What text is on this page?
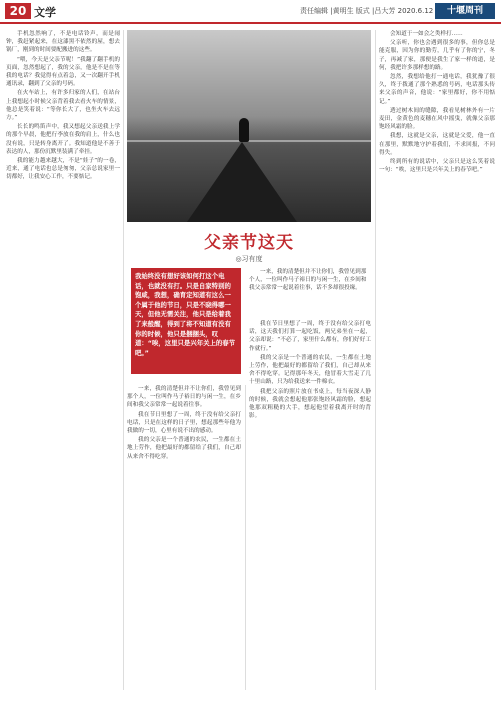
20 文学	责任编辑 |黄明生 版式 |吕大芳 2020.6.12	十堰周刊

手机忽然响了，不是电话铃声，而是闹钟，我赶紧起来，在这漆黑不依然的屋，想去锅厂，刚到的时间要配搬进的这些。

“喂，今天是父亲节呢！”我翻了翻手机的页面，忽然想起了，我的父亲，他是不是在等我的电话？我觉得有点着急，又一次翻开手机通讯录，翻到了父亲的号码。

在火车站上，有许多归家的人们，在站台上我想起小时候父亲背着我去看火车的情景，他总是笑着说：“等你长大了，也坐火车去远方。”

长长的鸣笛声中，我又想起父亲送我上学的那个早晨，他把行李放在我的肩上，什么也没有说，只是转身离开了。我知道他是不善于表达的人，那份沉默里装满了牵挂。

我的能力越来越大，不是“娃子”的一卷，近来，通了电话也总是匆匆，父亲总说家里一切都好，让我安心工作，不要惦记。

父亲节这天
◎习有度
我始终没有想好该如何打这个电话，也就没有打。只是自家特别的饱咸，我想，确育定知道有这么一个属于他的节日，只是不晓得哪一天，但他无需关注，他只是给着我了来般醒，得到了将不知道有没有你的时候，他只是捆捆头，叹道：“唉，这里只是兴年关上的春节吧。”

一来，我的清楚但并不让你们，我曾见到那个人，一位叫作马子裕日的与闲一生，在乡间和我父亲常常一起说着往事，话不多却很投缘。

一来，我的清楚但并不让你们，我曾见到那个人，一位叫作马子裕日的与闲一生，在乡间和我父亲常常一起说着往事。

我在节日里想了一周，终于没有给父亲打电话，只是在这样的日子里，想起那些年他为我做的一切，心里有说不出的感动。

我的父亲是一个普通的农民，一生都在土地上劳作，他把最好的都留给了我们，自己却从来舍不得吃穿。

我在节日里想了一周，终于没有给父亲打电话，这天我们打算一起吃饭，两兄弟坐在一起，父亲却说：“不必了，家里什么都有，你们好好工作就行。”

我的父亲是一个普通的农民，一生都在土地上劳作，他把最好的都留给了我们，自己却从来舍不得吃穿。记得那年冬天，他冒着大雪走了几十里山路，只为给我送来一件棉衣。

我把父亲的照片放在书桌上，每当夜深人静的时候，我就会想起他那张饱经风霜的脸，想起他那双粗糙的大手，想起他望着我离开时的背影。

会知道于一如会之类样打……

父亲听，你也会遇到很多的事，但你总是能克服，因为你的勤劳，几乎有了你的宁，冬子，再减了家，那便是我生了家一样的道，是何，我把许多那样想的路。

忽然，我想给他打一通电话，我犹豫了很久，终于拨通了那个熟悉的号码，电话那头传来父亲的声音，他说：“家里都好，你不用惦记。”

透过树木间的缝隙，我看见树林外有一片麦田，金黄色的麦穗在风中摇曳，就像父亲那饱经风霜的脸。

我想，这就是父亲，这就是父爱，他一直在那里，默默地守护着我们，不求回报，不问得失。

终到所有的说话中，父亲只是这么笑着说一句：“唉，这里只是兴年关上的春节吧。”
